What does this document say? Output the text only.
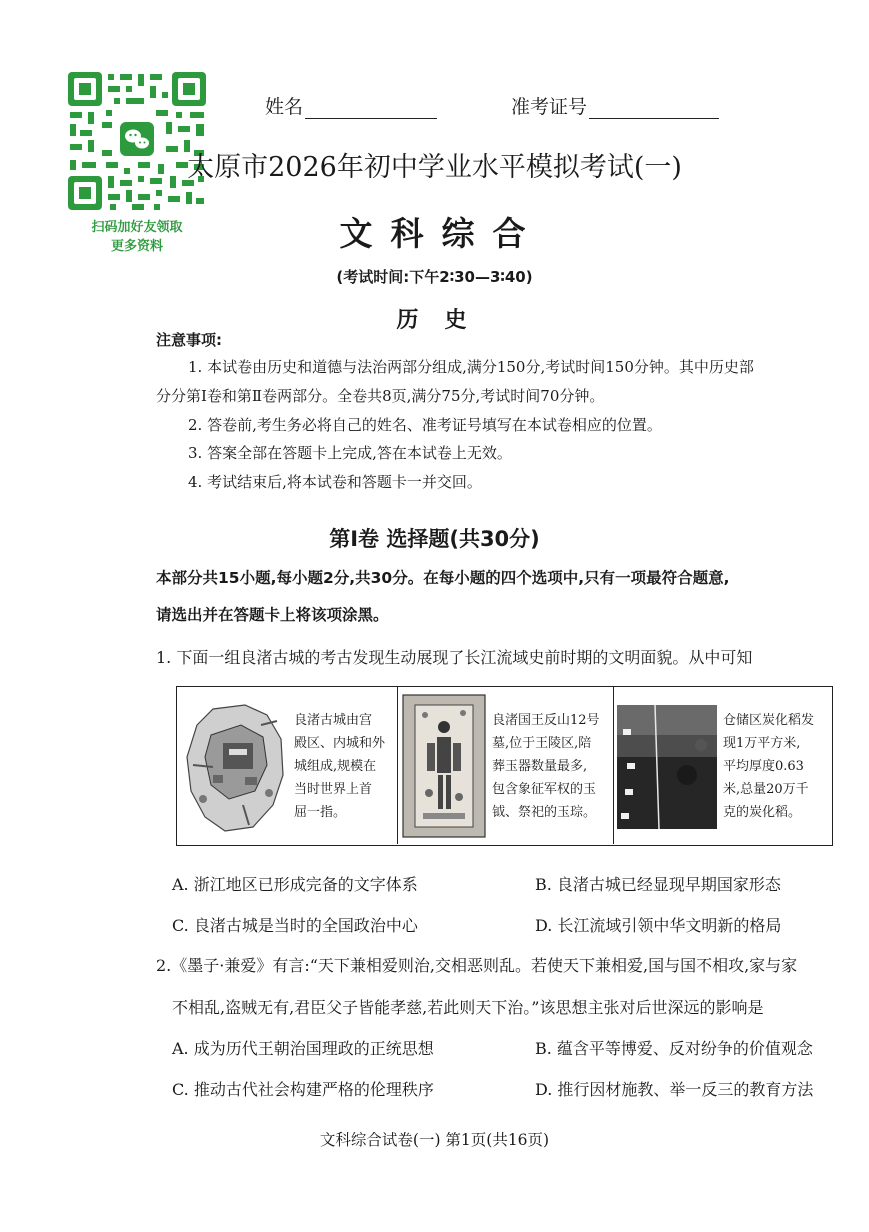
扫码加好友领取
更多资料
姓名	准考证号
太原市2026年初中学业水平模拟考试(一)
文科综合
(考试时间:下午2∶30—3∶40)
历史
注意事项:
1. 本试卷由历史和道德与法治两部分组成,满分150分,考试时间150分钟。其中历史部
分分第Ⅰ卷和第Ⅱ卷两部分。全卷共8页,满分75分,考试时间70分钟。
2. 答卷前,考生务必将自己的姓名、准考证号填写在本试卷相应的位置。
3. 答案全部在答题卡上完成,答在本试卷上无效。
4. 考试结束后,将本试卷和答题卡一并交回。
第Ⅰ卷 选择题(共30分)
本部分共15小题,每小题2分,共30分。在每小题的四个选项中,只有一项最符合题意,
请选出并在答题卡上将该项涂黑。
1. 下面一组良渚古城的考古发现生动展现了长江流域史前时期的文明面貌。从中可知
良渚古城由宫
殿区、内城和外
城组成,规模在
当时世界上首
屈一指。
良渚国王反山12号
墓,位于王陵区,陪
葬玉器数量最多,
包含象征军权的玉
钺、祭祀的玉琮。
仓储区炭化稻发
现1万平方米,
平均厚度0.63
米,总量20万千
克的炭化稻。
A. 浙江地区已形成完备的文字体系	B. 良渚古城已经显现早期国家形态
C. 良渚古城是当时的全国政治中心	D. 长江流域引领中华文明新的格局
2.《墨子·兼爱》有言:“天下兼相爱则治,交相恶则乱。若使天下兼相爱,国与国不相攻,家与家
不相乱,盗贼无有,君臣父子皆能孝慈,若此则天下治。”该思想主张对后世深远的影响是
A. 成为历代王朝治国理政的正统思想	B. 蕴含平等博爱、反对纷争的价值观念
C. 推动古代社会构建严格的伦理秩序	D. 推行因材施教、举一反三的教育方法
文科综合试卷(一) 第1页(共16页)
